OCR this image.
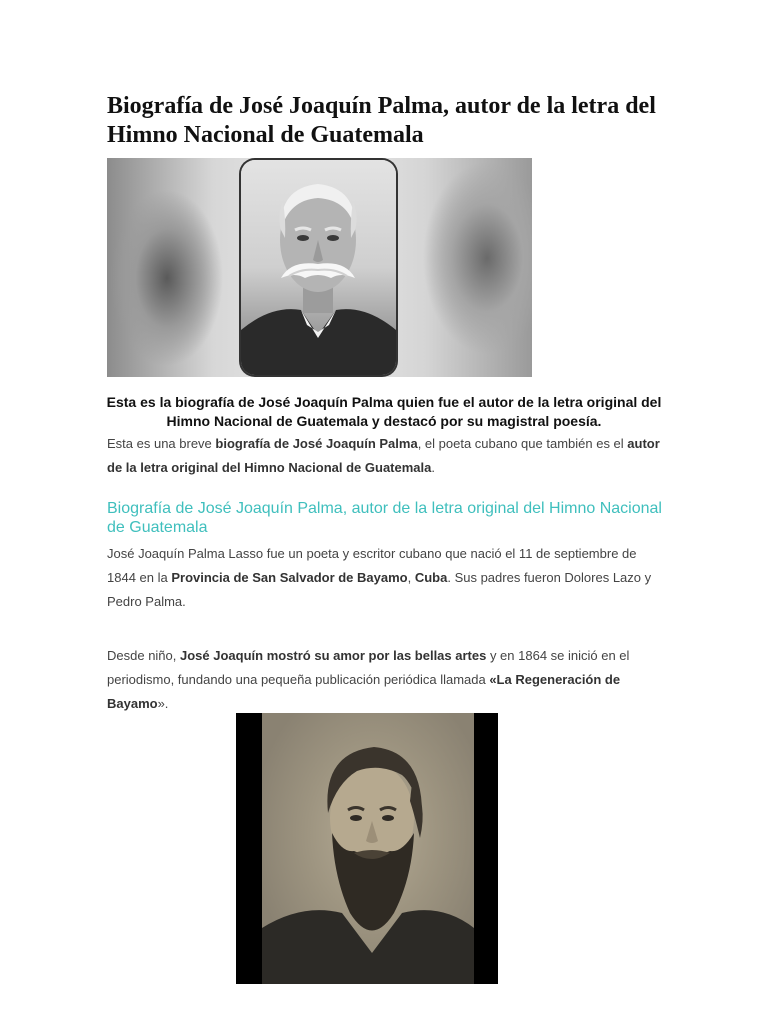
Biografía de José Joaquín Palma, autor de la letra del Himno Nacional de Guatemala

Esta es la biografía de José Joaquín Palma quien fue el autor de la letra original del Himno Nacional de Guatemala y destacó por su magistral poesía.

Esta es una breve biografía de José Joaquín Palma, el poeta cubano que también es el autor de la letra original del Himno Nacional de Guatemala.

Biografía de José Joaquín Palma, autor de la letra original del Himno Nacional de Guatemala

José Joaquín Palma Lasso fue un poeta y escritor cubano que nació el 11 de septiembre de 1844 en la Provincia de San Salvador de Bayamo, Cuba. Sus padres fueron Dolores Lazo y Pedro Palma.

Desde niño, José Joaquín mostró su amor por las bellas artes y en 1864 se inició en el periodismo, fundando una pequeña publicación periódica llamada «La Regeneración de Bayamo».
